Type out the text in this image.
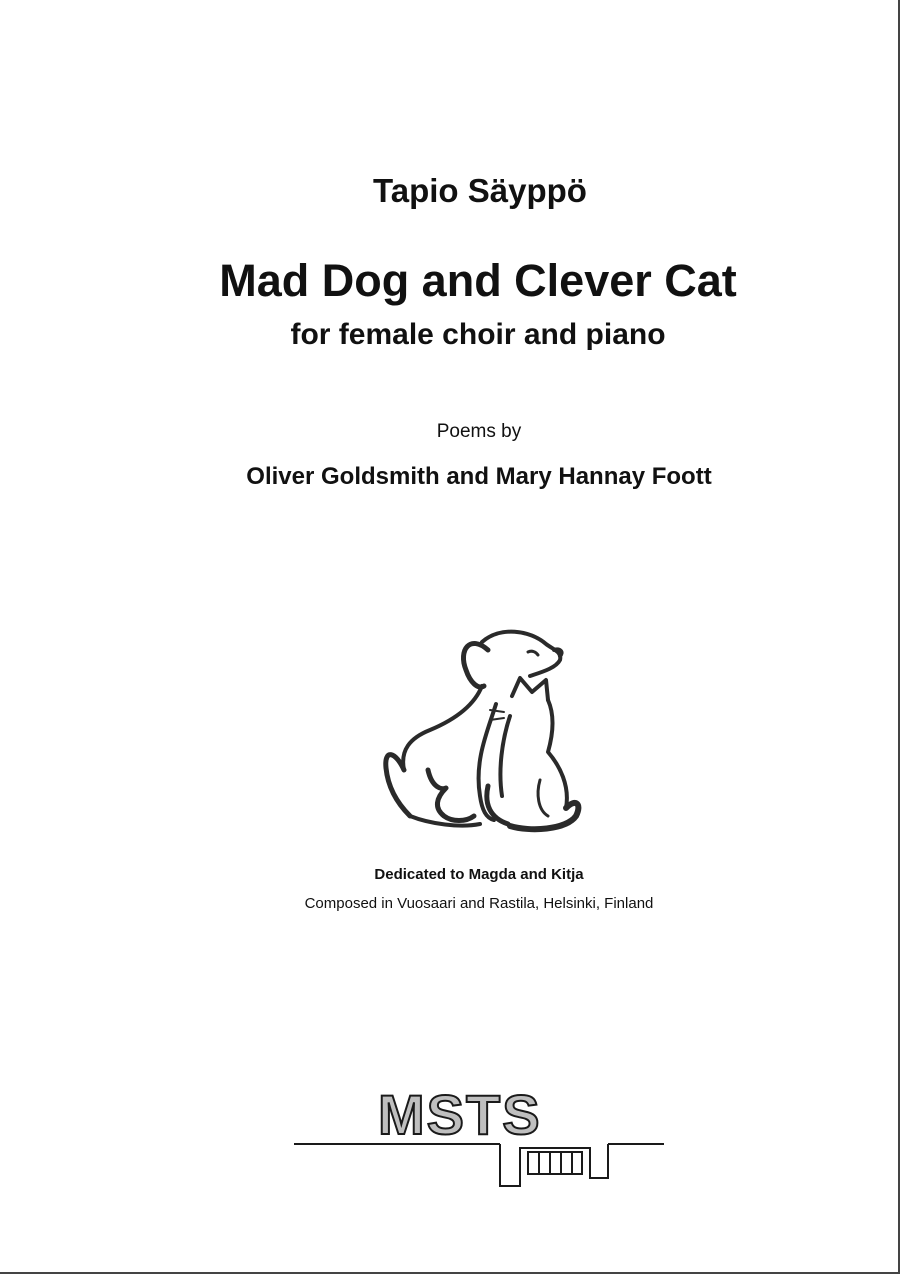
Tapio Säyppö
Mad Dog and Clever Cat
for female choir and piano
Poems by
Oliver Goldsmith and Mary Hannay Foott
Dedicated to Magda and Kitja
Composed in Vuosaari and Rastila, Helsinki, Finland
MSTS
